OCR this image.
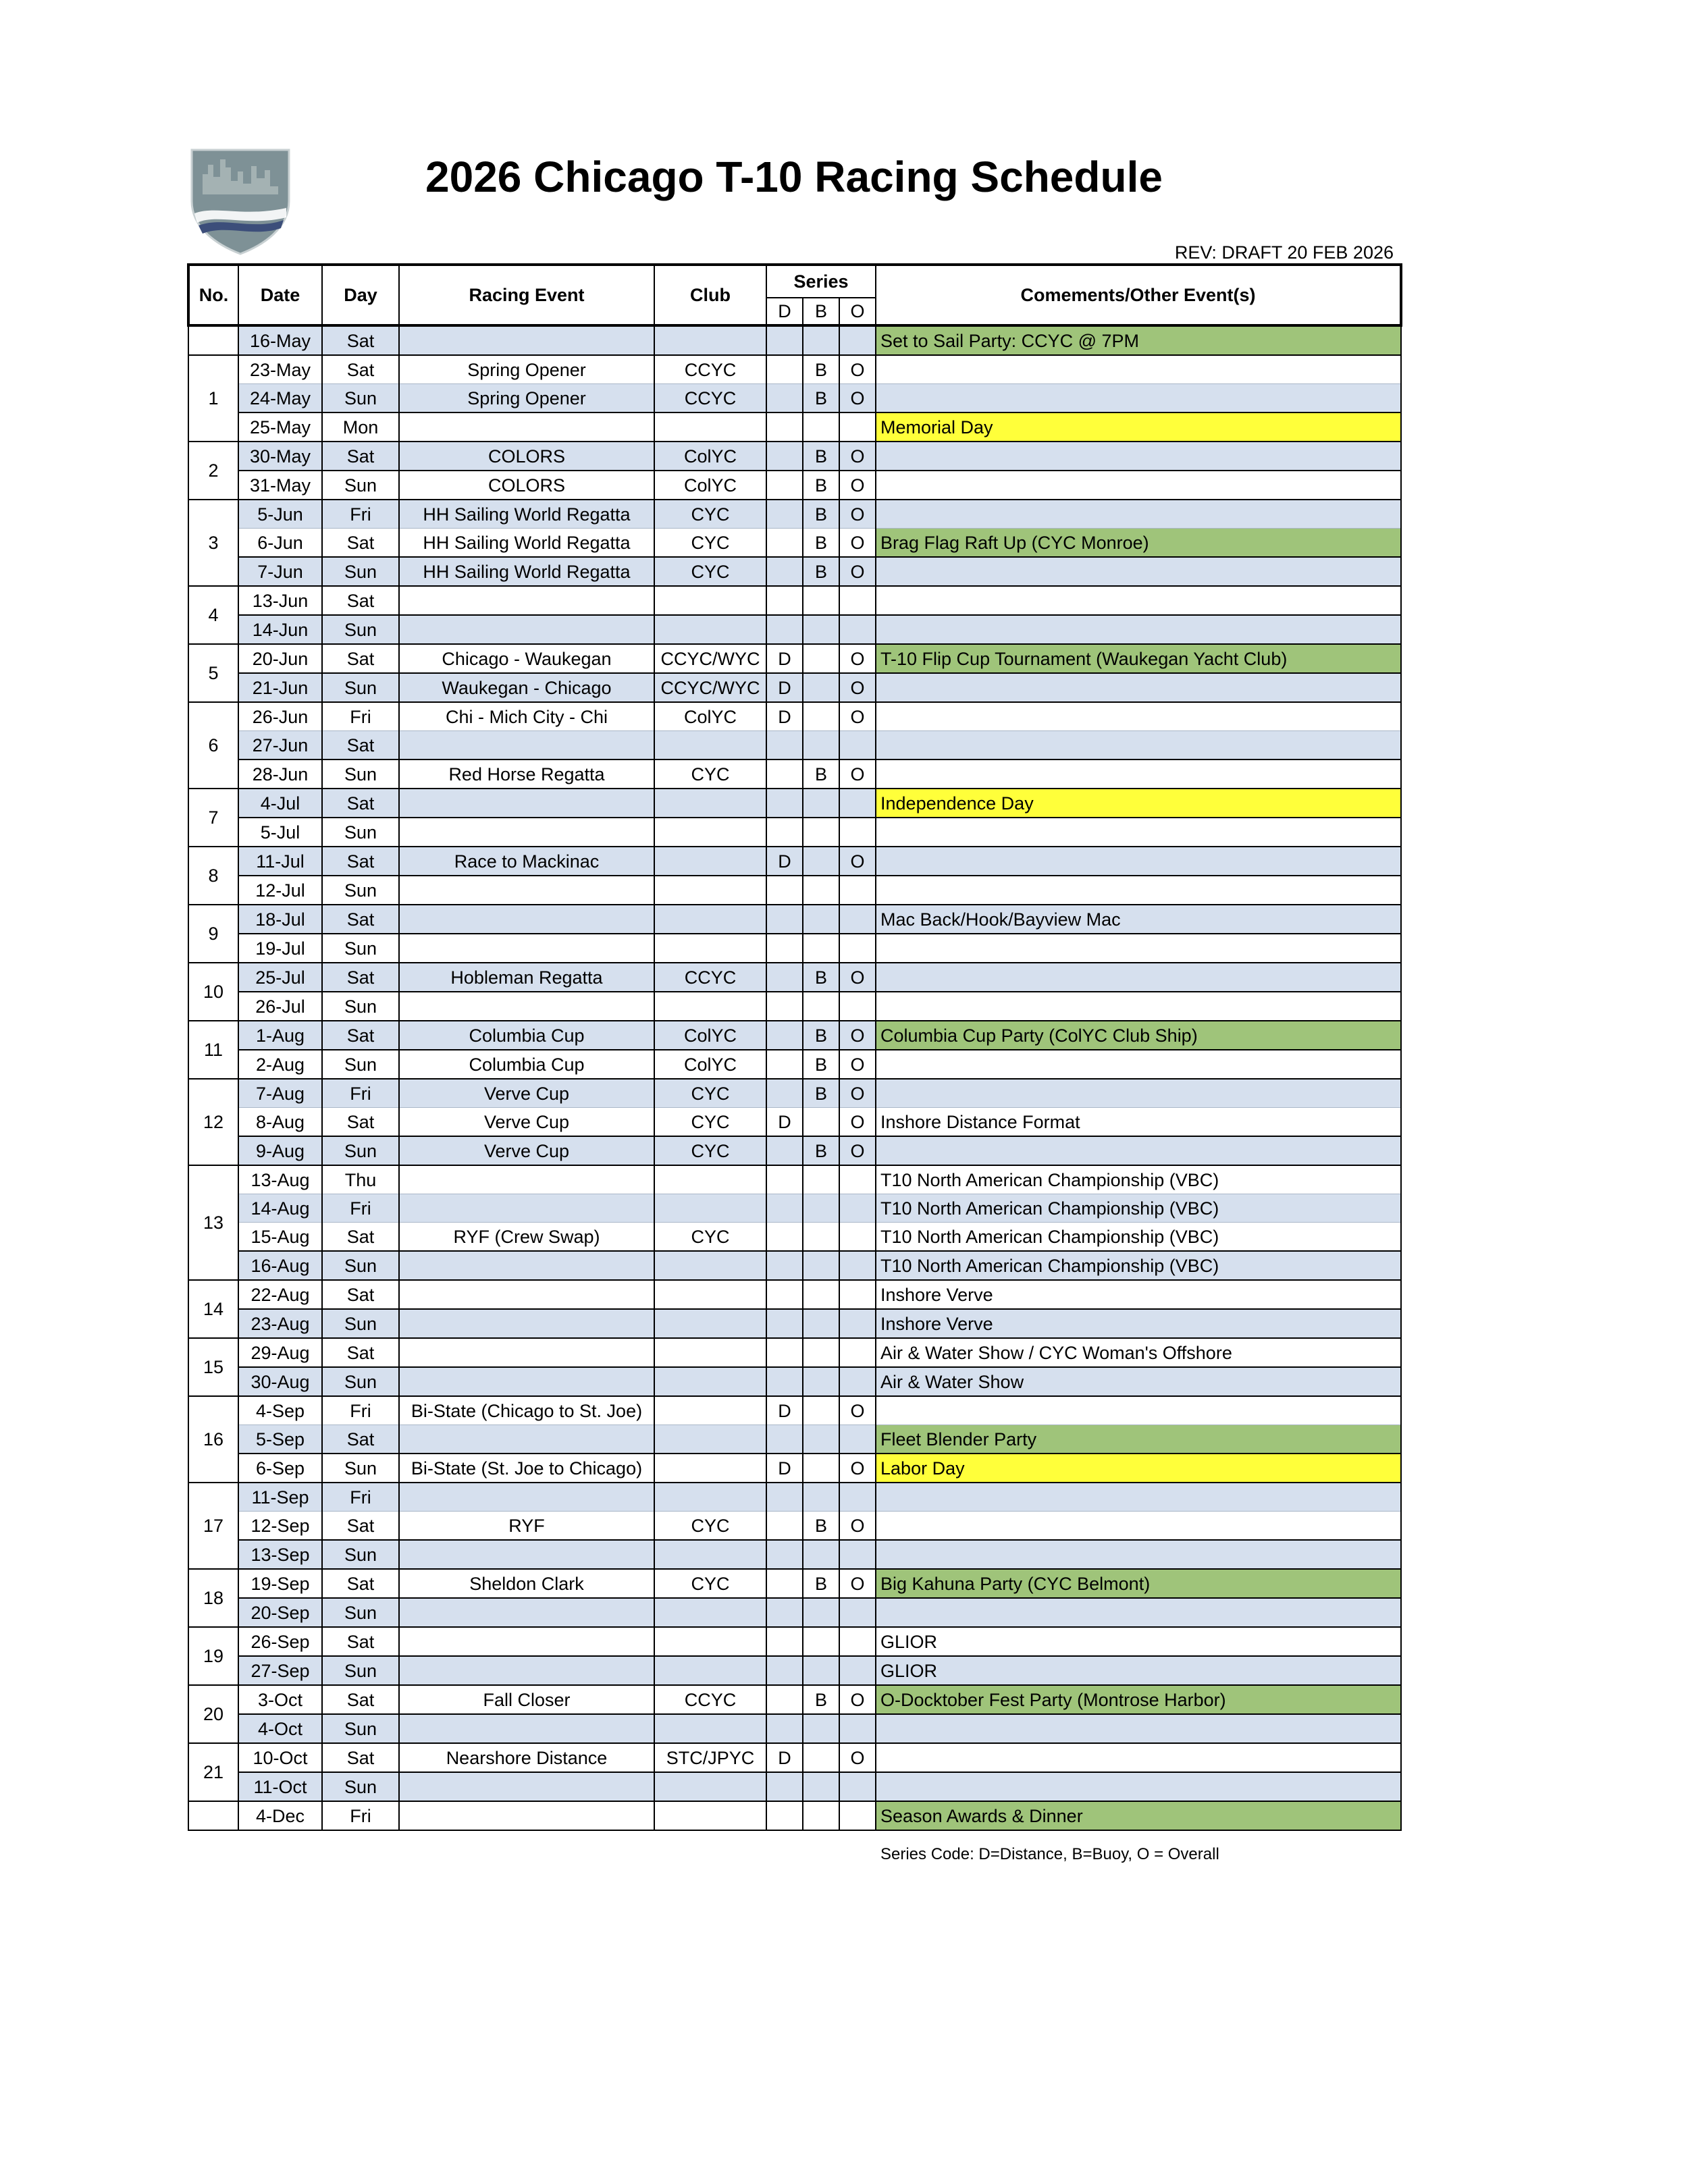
2026 Chicago T-10 Racing Schedule
REV: DRAFT 20 FEB 2026
No.	Date	Day	Racing Event	Club	Series			Comements/Other Event(s)
					D	B	O	
	16-May	Sat						Set to Sail Party: CCYC @ 7PM
1	23-May	Sat	Spring Opener	CCYC		B	O	
	24-May	Sun	Spring Opener	CCYC		B	O	
	25-May	Mon						Memorial Day
2	30-May	Sat	COLORS	ColYC		B	O	
	31-May	Sun	COLORS	ColYC		B	O	
3	5-Jun	Fri	HH Sailing World Regatta	CYC		B	O	
	6-Jun	Sat	HH Sailing World Regatta	CYC		B	O	Brag Flag Raft Up (CYC Monroe)
	7-Jun	Sun	HH Sailing World Regatta	CYC		B	O	
4	13-Jun	Sat						
	14-Jun	Sun						
5	20-Jun	Sat	Chicago - Waukegan	CCYC/WYC	D		O	T-10 Flip Cup Tournament (Waukegan Yacht Club)
	21-Jun	Sun	Waukegan - Chicago	CCYC/WYC	D		O	
6	26-Jun	Fri	Chi - Mich City - Chi	ColYC	D		O	
	27-Jun	Sat						
	28-Jun	Sun	Red Horse Regatta	CYC		B	O	
7	4-Jul	Sat						Independence Day
	5-Jul	Sun						
8	11-Jul	Sat	Race to Mackinac		D		O	
	12-Jul	Sun						
9	18-Jul	Sat						Mac Back/Hook/Bayview Mac
	19-Jul	Sun						
10	25-Jul	Sat	Hobleman Regatta	CCYC		B	O	
	26-Jul	Sun						
11	1-Aug	Sat	Columbia Cup	ColYC		B	O	Columbia Cup Party (ColYC Club Ship)
	2-Aug	Sun	Columbia Cup	ColYC		B	O	
12	7-Aug	Fri	Verve Cup	CYC		B	O	
	8-Aug	Sat	Verve Cup	CYC	D		O	Inshore Distance Format
	9-Aug	Sun	Verve Cup	CYC		B	O	
13	13-Aug	Thu						T10 North American Championship (VBC)
	14-Aug	Fri						T10 North American Championship (VBC)
	15-Aug	Sat	RYF (Crew Swap)	CYC				T10 North American Championship (VBC)
	16-Aug	Sun						T10 North American Championship (VBC)
14	22-Aug	Sat						Inshore Verve
	23-Aug	Sun						Inshore Verve
15	29-Aug	Sat						Air & Water Show / CYC Woman's Offshore
	30-Aug	Sun						Air & Water Show
16	4-Sep	Fri	Bi-State (Chicago to St. Joe)		D		O	
	5-Sep	Sat						Fleet Blender Party
	6-Sep	Sun	Bi-State (St. Joe to Chicago)		D		O	Labor Day
17	11-Sep	Fri						
	12-Sep	Sat	RYF	CYC		B	O	
	13-Sep	Sun						
18	19-Sep	Sat	Sheldon Clark	CYC		B	O	Big Kahuna Party (CYC Belmont)
	20-Sep	Sun						
19	26-Sep	Sat						GLIOR
	27-Sep	Sun						GLIOR
20	3-Oct	Sat	Fall Closer	CCYC		B	O	O-Docktober Fest Party (Montrose Harbor)
	4-Oct	Sun						
21	10-Oct	Sat	Nearshore Distance	STC/JPYC	D		O	
	11-Oct	Sun						
	4-Dec	Fri						Season Awards & Dinner
Series Code: D=Distance, B=Buoy, O = Overall
